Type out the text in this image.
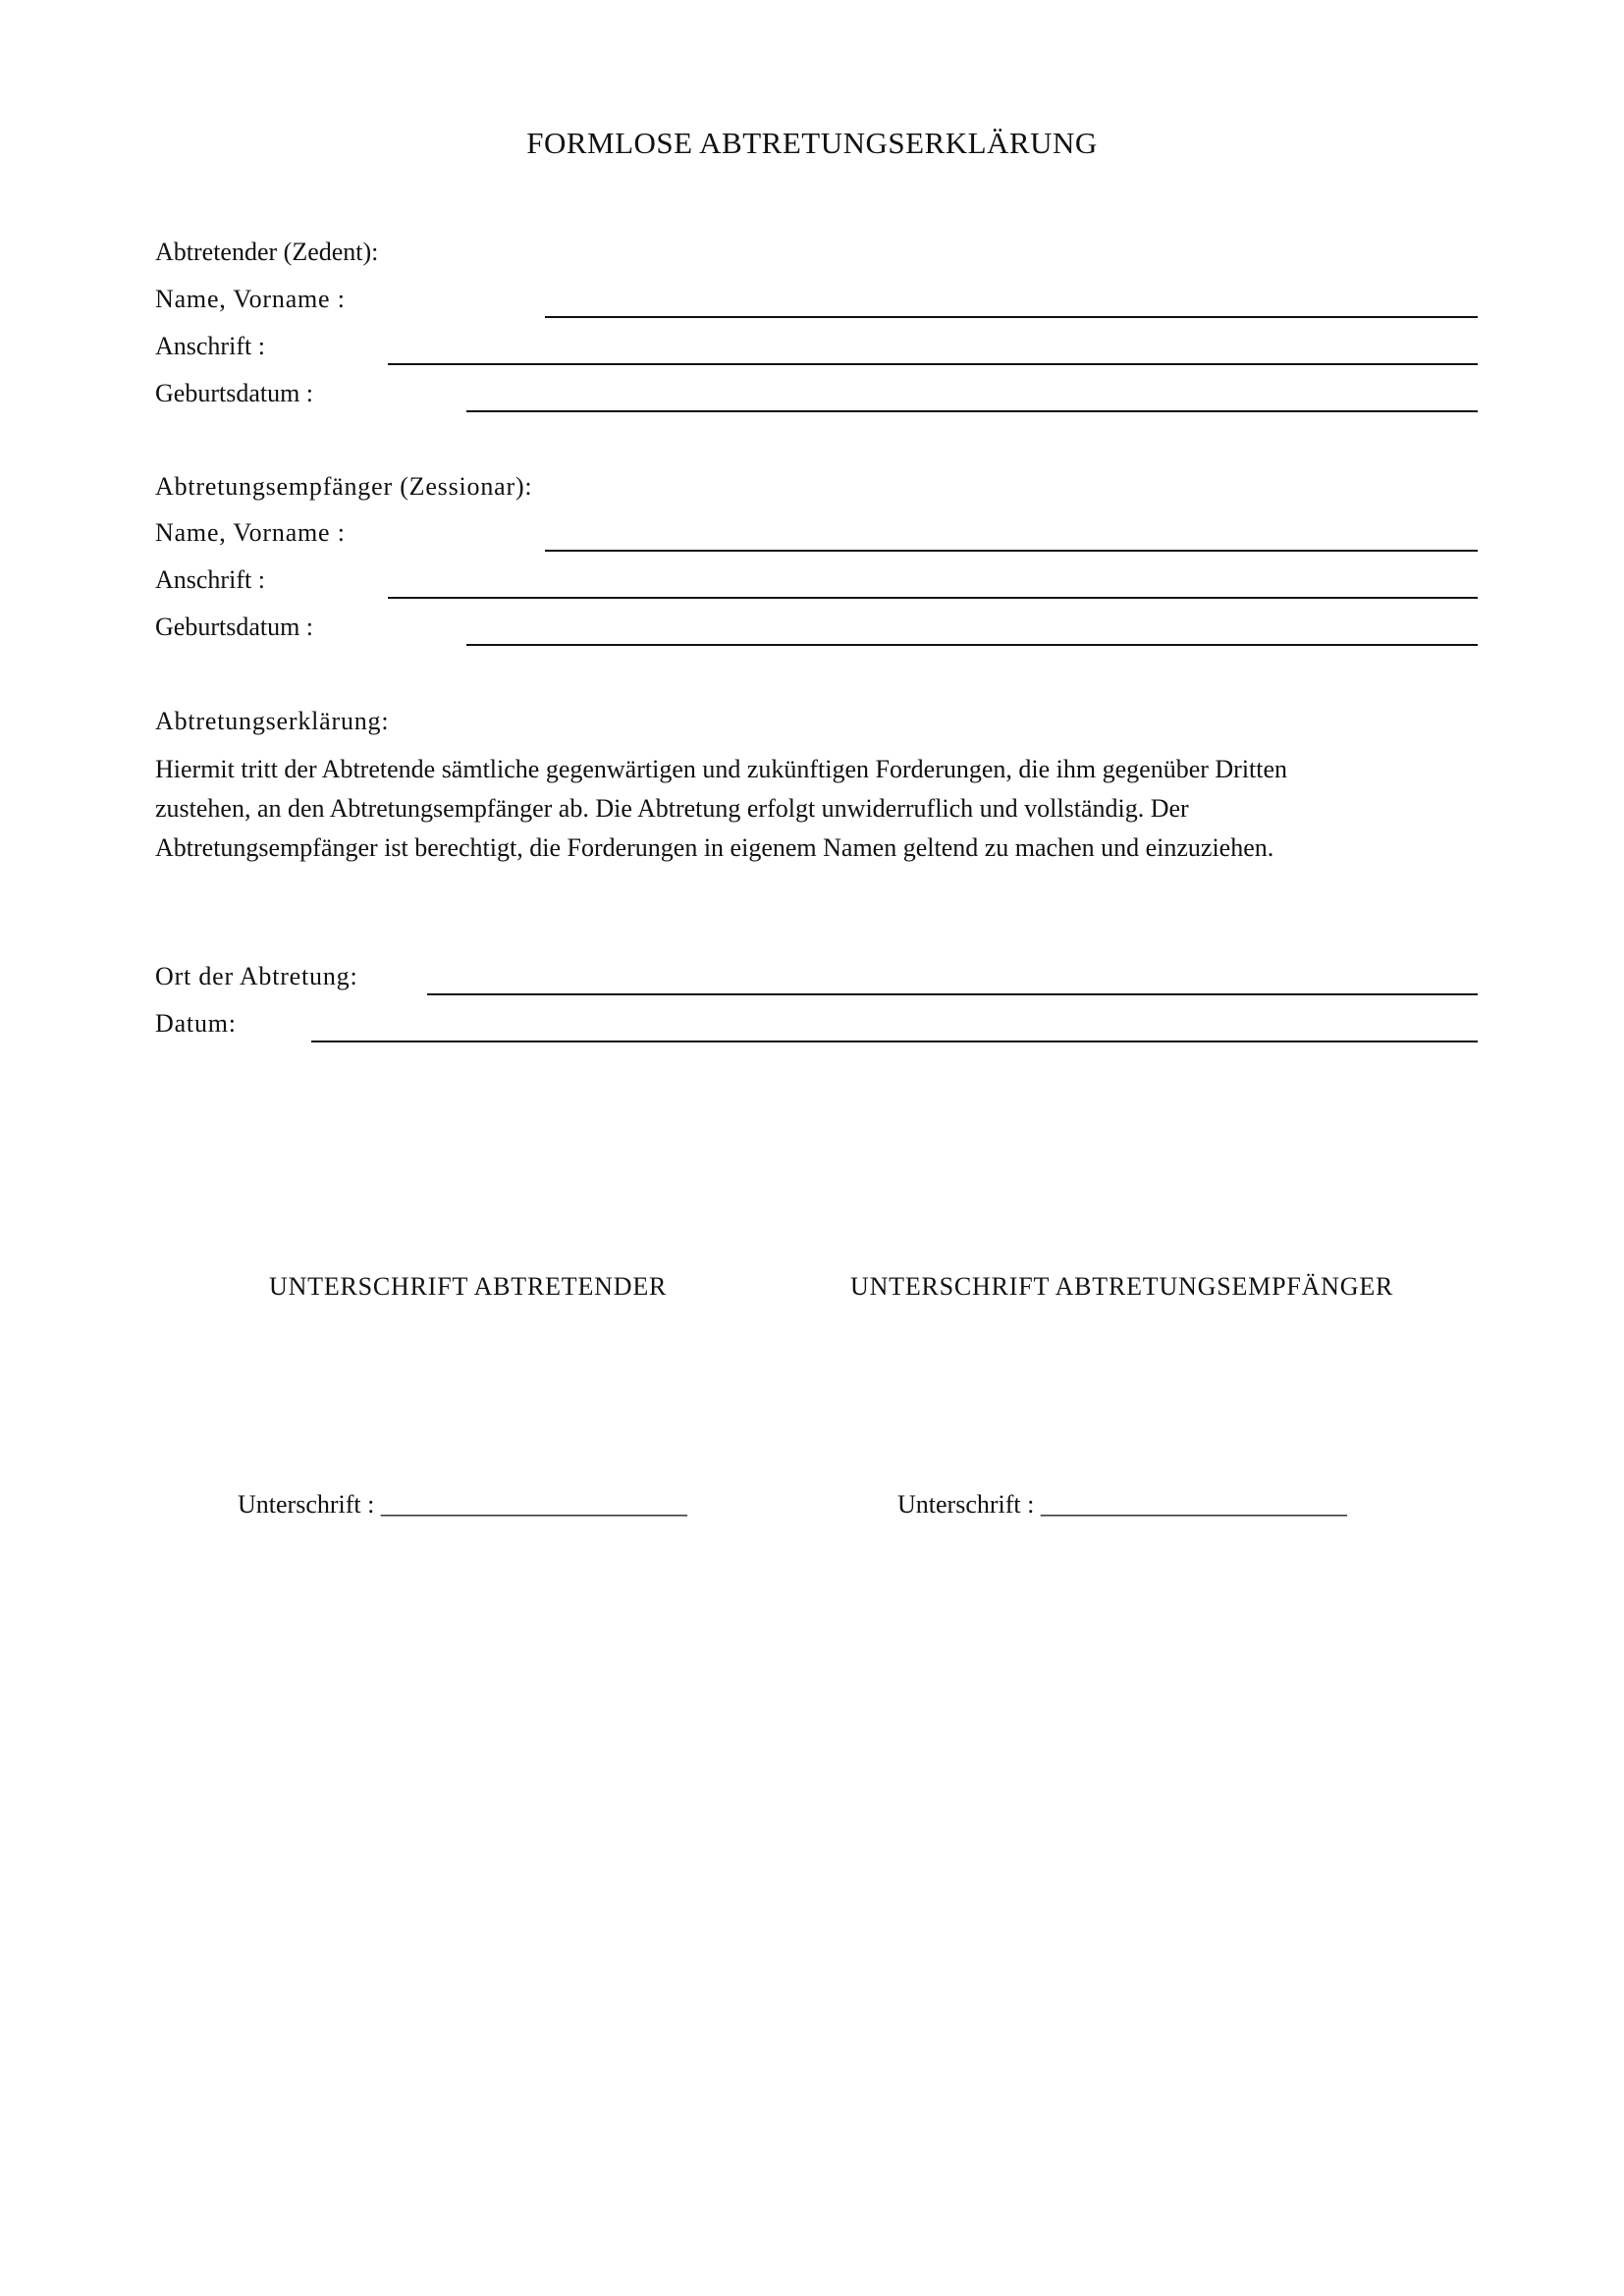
FORMLOSE ABTRETUNGSERKLÄRUNG
Abtretender (Zedent):
Name, Vorname :
Anschrift :
Geburtsdatum :
Abtretungsempfänger (Zessionar):
Name, Vorname :
Anschrift :
Geburtsdatum :
Abtretungserklärung:

Hiermit tritt der Abtretende sämtliche gegenwärtigen und zukünftigen Forderungen, die ihm gegenüber Dritten

zustehen, an den Abtretungsempfänger ab. Die Abtretung erfolgt unwiderruflich und vollständig. Der

Abtretungsempfänger ist berechtigt, die Forderungen in eigenem Namen geltend zu machen und einzuziehen.

Ort der Abtretung:
Datum:
UNTERSCHRIFT ABTRETENDER	UNTERSCHRIFT ABTRETUNGSEMPFÄNGER
Unterschrift : ________________________	Unterschrift : ________________________
